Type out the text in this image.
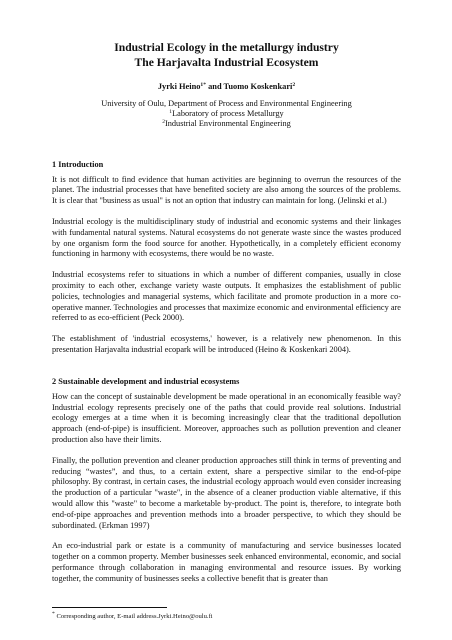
Industrial Ecology in the metallurgy industry
The Harjavalta Industrial Ecosystem

Jyrki Heino$^{1*}$ and Tuomo Koskenkari$^2$
University of Oulu, Department of Process and Environmental Engineering
$^1$Laboratory of process Metallurgy
$^2$Industrial Environmental Engineering

1 Introduction

It is not difficult to find evidence that human activities are beginning to overrun the resources of the planet. The industrial processes that have benefited society are also among the sources of the problems. It is clear that "business as usual" is not an option that industry can maintain for long. (Jelinski et al.)

Industrial ecology is the multidisciplinary study of industrial and economic systems and their linkages with fundamental natural systems. Natural ecosystems do not generate waste since the wastes produced by one organism form the food source for another. Hypothetically, in a completely efficient economy functioning in harmony with ecosystems, there would be no waste.

Industrial ecosystems refer to situations in which a number of different companies, usually in close proximity to each other, exchange variety waste outputs. It emphasizes the establishment of public policies, technologies and managerial systems, which facilitate and promote production in a more co-operative manner. Technologies and processes that maximize economic and environmental efficiency are referred to as eco-efficient (Peck 2000).

The establishment of 'industrial ecosystems,' however, is a relatively new phenomenon. In this presentation Harjavalta industrial ecopark will be introduced (Heino & Koskenkari 2004).

2 Sustainable development and industrial ecosystems

How can the concept of sustainable development be made operational in an economically feasible way? Industrial ecology represents precisely one of the paths that could provide real solutions. Industrial ecology emerges at a time when it is becoming increasingly clear that the traditional depollution approach (end-of-pipe) is insufficient. Moreover, approaches such as pollution prevention and cleaner production also have their limits.

Finally, the pollution prevention and cleaner production approaches still think in terms of preventing and reducing “wastes”, and thus, to a certain extent, share a perspective similar to the end-of-pipe philosophy. By contrast, in certain cases, the industrial ecology approach would even consider increasing the production of a particular "waste", in the absence of a cleaner production viable alternative, if this would allow this "waste" to become a marketable by-product. The point is, therefore, to integrate both end-of-pipe approaches and prevention methods into a broader perspective, to which they should be subordinated. (Erkman 1997)

An eco-industrial park or estate is a community of manufacturing and service businesses located together on a common property. Member businesses seek enhanced environmental, economic, and social performance through collaboration in managing environmental and resource issues. By working together, the community of businesses seeks a collective benefit that is greater than

* Corresponding author, E-mail address.Jyrki.Heino@oulu.fi
